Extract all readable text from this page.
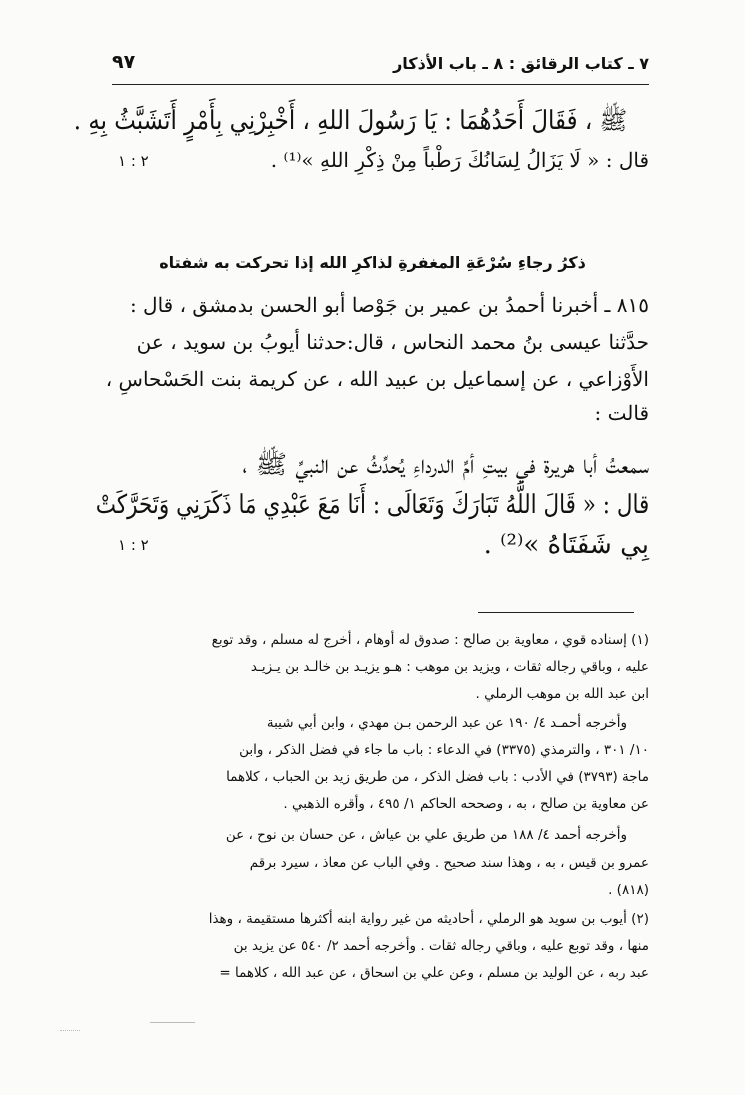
٧ ـ كتاب الرقائق : ٨ ـ باب الأذكار
٩٧
ﷺ ، فَقَالَ أَحَدُهُمَا : يَا رَسُولَ اللهِ ، أَخْبِرْنِي بِأَمْرٍ أَتَشَبَّثُ بِهِ .
قال : « لَا يَزَالُ لِسَانُكَ رَطْباً مِنْ ذِكْرِ اللهِ »⁽¹⁾ .
٢ : ١
ذكرُ رجاءِ سُرْعَةِ المغفرةِ لذاكرِ الله إذا تحركت به شفتاه
٨١٥ ـ أخبرنا أحمدُ بن عمير بن جَوْصا أبو الحسن بدمشق ، قال :
حدَّثنا عيسى بنُ محمد النحاس ، قال:حدثنا أيوبُ بن سويد ، عن
الأَوْزاعي ، عن إسماعيل بن عبيد الله ، عن كريمة بنت الحَسْحاسِ ،
قالت :
سمعتُ أبا هريرة في بيتِ أمِّ الدرداءِ يُحدِّثُ عن النبيِّ ﷺ ،
قال : « قَالَ اللَّهُ تَبَارَكَ وَتَعَالَى : أَنَا مَعَ عَبْدِي مَا ذَكَرَنِي وَتَحَرَّكَتْ
بِي شَفَتَاهُ »⁽²⁾ .
٢ : ١
(١) إسناده قوي ، معاوية بن صالح : صدوق له أوهام ، أخرج له مسلم ، وقد توبع
عليه ، وباقي رجاله ثقات ، ويزيد بن موهب : هـو يزيـد بن خالـد بن يـزيـد
ابن عبد الله بن موهب الرملي .
وأخرجه أحمـد ٤/ ١٩٠ عن عبد الرحمن بـن مهدي ، وابن أبي شيبة
١٠/ ٣٠١ ، والترمذي (٣٣٧٥) في الدعاء : باب ما جاء في فضل الذكر ، وابن
ماجة (٣٧٩٣) في الأدب : باب فضل الذكر ، من طريق زيد بن الحباب ، كلاهما
عن معاوية بن صالح ، به ، وصححه الحاكم ١/ ٤٩٥ ، وأقره الذهبي .
وأخرجه أحمد ٤/ ١٨٨ من طريق علي بن عياش ، عن حسان بن نوح ، عن
عمرو بن قيس ، به ، وهذا سند صحيح . وفي الباب عن معاذ ، سيرد برقم
(٨١٨) .
(٢) أيوب بن سويد هو الرملي ، أحاديثه من غير رواية ابنه أكثرها مستقيمة ، وهذا
منها ، وقد توبع عليه ، وباقي رجاله ثقات . وأخرجه أحمد ٢/ ٥٤٠ عن يزيد بن
عبد ربه ، عن الوليد بن مسلم ، وعن علي بن اسحاق ، عن عبد الله ، كلاهما =
